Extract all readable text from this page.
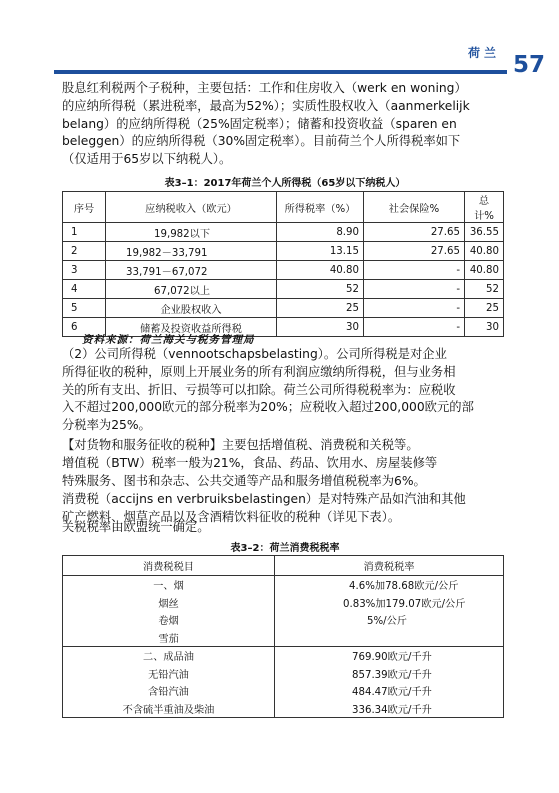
荷兰 57

股息红利税两个子税种，主要包括：工作和住房收入（werk en woning）
的应纳所得税（累进税率，最高为52%）；实质性股权收入（aanmerkelijk
belang）的应纳所得税（25%固定税率）；储蓄和投资收益（sparen en
beleggen）的应纳所得税（30%固定税率）。目前荷兰个人所得税率如下
（仅适用于65岁以下纳税人）。

表3–1：2017年荷兰个人所得税（65岁以下纳税人）
序号	应纳税收入（欧元）	所得税率（%）	社会保险%	总计%
1	19,982以下	8.90	27.65	36.55
2	19,982－33,791	13.15	27.65	40.80
3	33,791－67,072	40.80	-	40.80
4	67,072以上	52	-	52
5	企业股权收入	25	-	25
6	储蓄及投资收益所得税	30	-	30
资料来源：荷兰海关与税务管理局

（2）公司所得税（vennootschapsbelasting）。公司所得税是对企业
所得征收的税种，原则上开展业务的所有利润应缴纳所得税，但与业务相
关的所有支出、折旧、亏损等可以扣除。荷兰公司所得税税率为：应税收
入不超过200,000欧元的部分税率为20%；应税收入超过200,000欧元的部
分税率为25%。

【对货物和服务征收的税种】主要包括增值税、消费税和关税等。

增值税（BTW）税率一般为21%，食品、药品、饮用水、房屋装修等
特殊服务、图书和杂志、公共交通等产品和服务增值税税率为6%。

消费税（accijns en verbruiksbelastingen）是对特殊产品如汽油和其他
矿产燃料、烟草产品以及含酒精饮料征收的税种（详见下表）。

关税税率由欧盟统一确定。

表3–2：荷兰消费税税率
消费税税目	消费税税率
一、烟	4.6%加78.68欧元/公斤
烟丝	0.83%加179.07欧元/公斤
卷烟	5%/公斤
雪茄	
二、成品油	769.90欧元/千升
无铅汽油	857.39欧元/千升
含铅汽油	484.47欧元/千升
不含硫半重油及柴油	336.34欧元/千升
